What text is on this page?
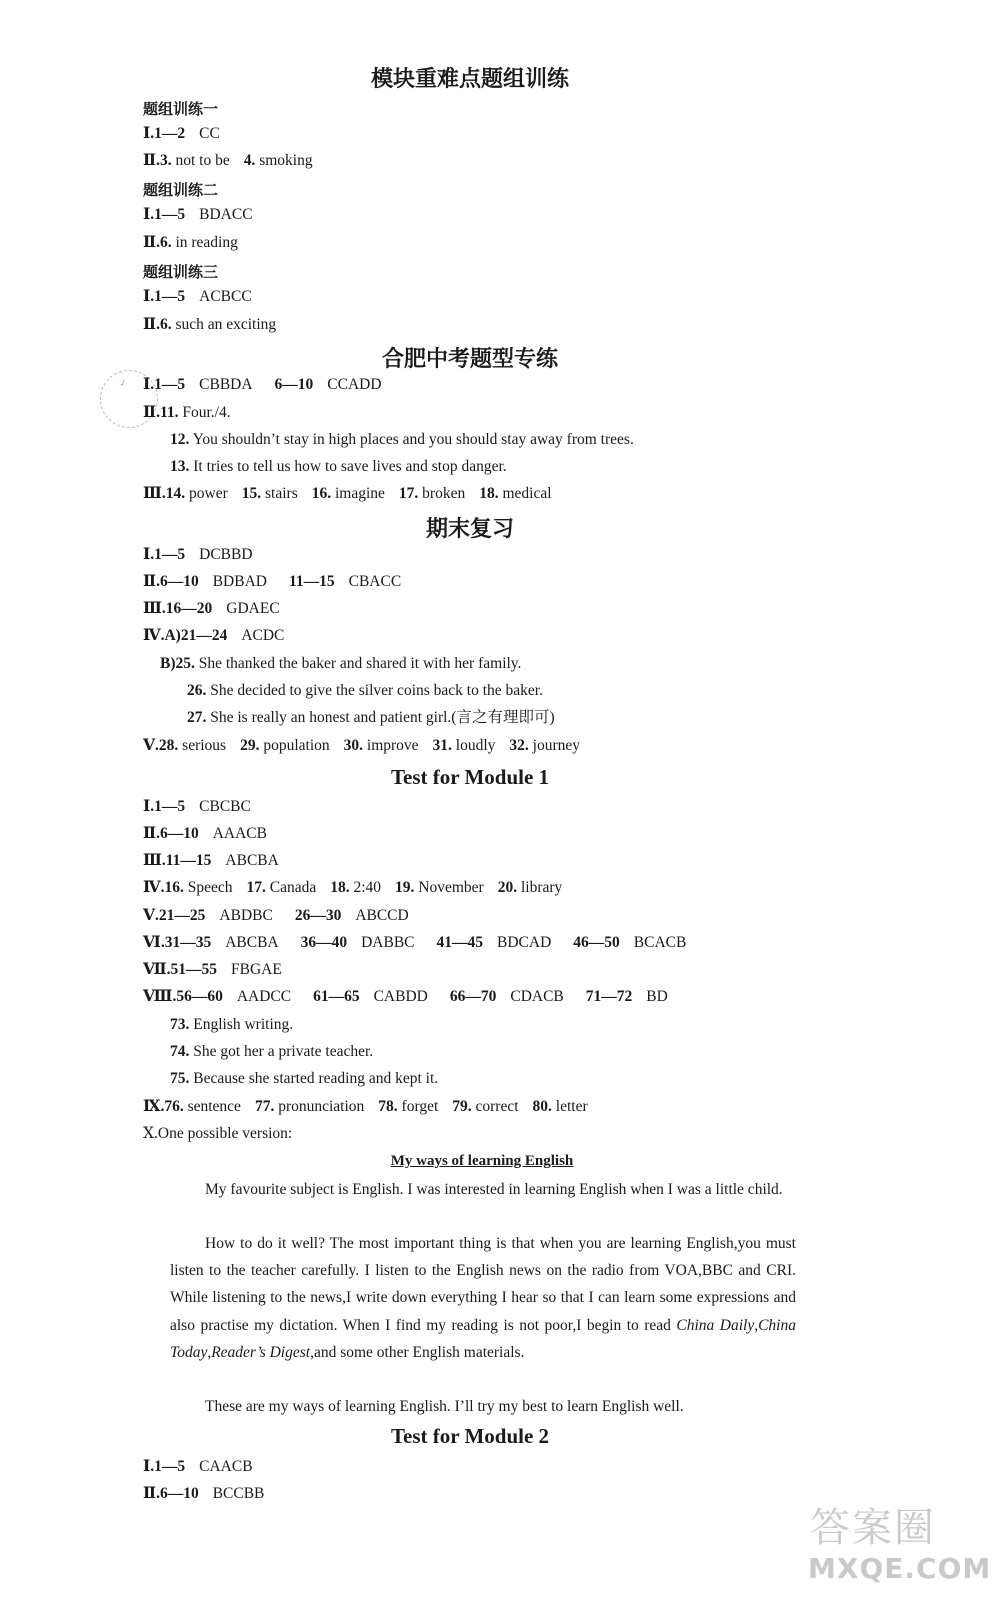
模块重难点题组训练
题组训练一
Ⅰ.1—2 CC
Ⅱ.3. not to be 4. smoking
题组训练二
Ⅰ.1—5 BDACC
Ⅱ.6. in reading
题组训练三
Ⅰ.1—5 ACBCC
Ⅱ.6. such an exciting
合肥中考题型专练
✓ Ⅰ.1—5 CBBDA 6—10 CCADD
Ⅱ.11. Four./4.
12. You shouldn’t stay in high places and you should stay away from trees.
13. It tries to tell us how to save lives and stop danger.
Ⅲ.14. power 15. stairs 16. imagine 17. broken 18. medical
期末复习
Ⅰ.1—5 DCBBD
Ⅱ.6—10 BDBAD 11—15 CBACC
Ⅲ.16—20 GDAEC
Ⅳ.A)21—24 ACDC
B)25. She thanked the baker and shared it with her family.
26. She decided to give the silver coins back to the baker.
27. She is really an honest and patient girl.(言之有理即可)
Ⅴ.28. serious 29. population 30. improve 31. loudly 32. journey
Test for Module 1
Ⅰ.1—5 CBCBC
Ⅱ.6—10 AAACB
Ⅲ.11—15 ABCBA
Ⅳ.16. Speech 17. Canada 18. 2:40 19. November 20. library
Ⅴ.21—25 ABDBC 26—30 ABCCD
Ⅵ.31—35 ABCBA 36—40 DABBC 41—45 BDCAD 46—50 BCACB
Ⅶ.51—55 FBGAE
Ⅷ.56—60 AADCC 61—65 CABDD 66—70 CDACB 71—72 BD
73. English writing.
74. She got her a private teacher.
75. Because she started reading and kept it.
Ⅸ.76. sentence 77. pronunciation 78. forget 79. correct 80. letter
Ⅹ.One possible version:
My ways of learning English
My favourite subject is English. I was interested in learning English when I was a little child.
How to do it well? The most important thing is that when you are learning English,you must listen to the teacher carefully. I listen to the English news on the radio from VOA,BBC and CRI. While listening to the news,I write down everything I hear so that I can learn some expressions and also practise my dictation. When I find my reading is not poor,I begin to read China Daily,China Today,Reader’s Digest,and some other English materials.
These are my ways of learning English. I’ll try my best to learn English well.
Test for Module 2
Ⅰ.1—5 CAACB
Ⅱ.6—10 BCCBB
答案圈
MXQE.COM
